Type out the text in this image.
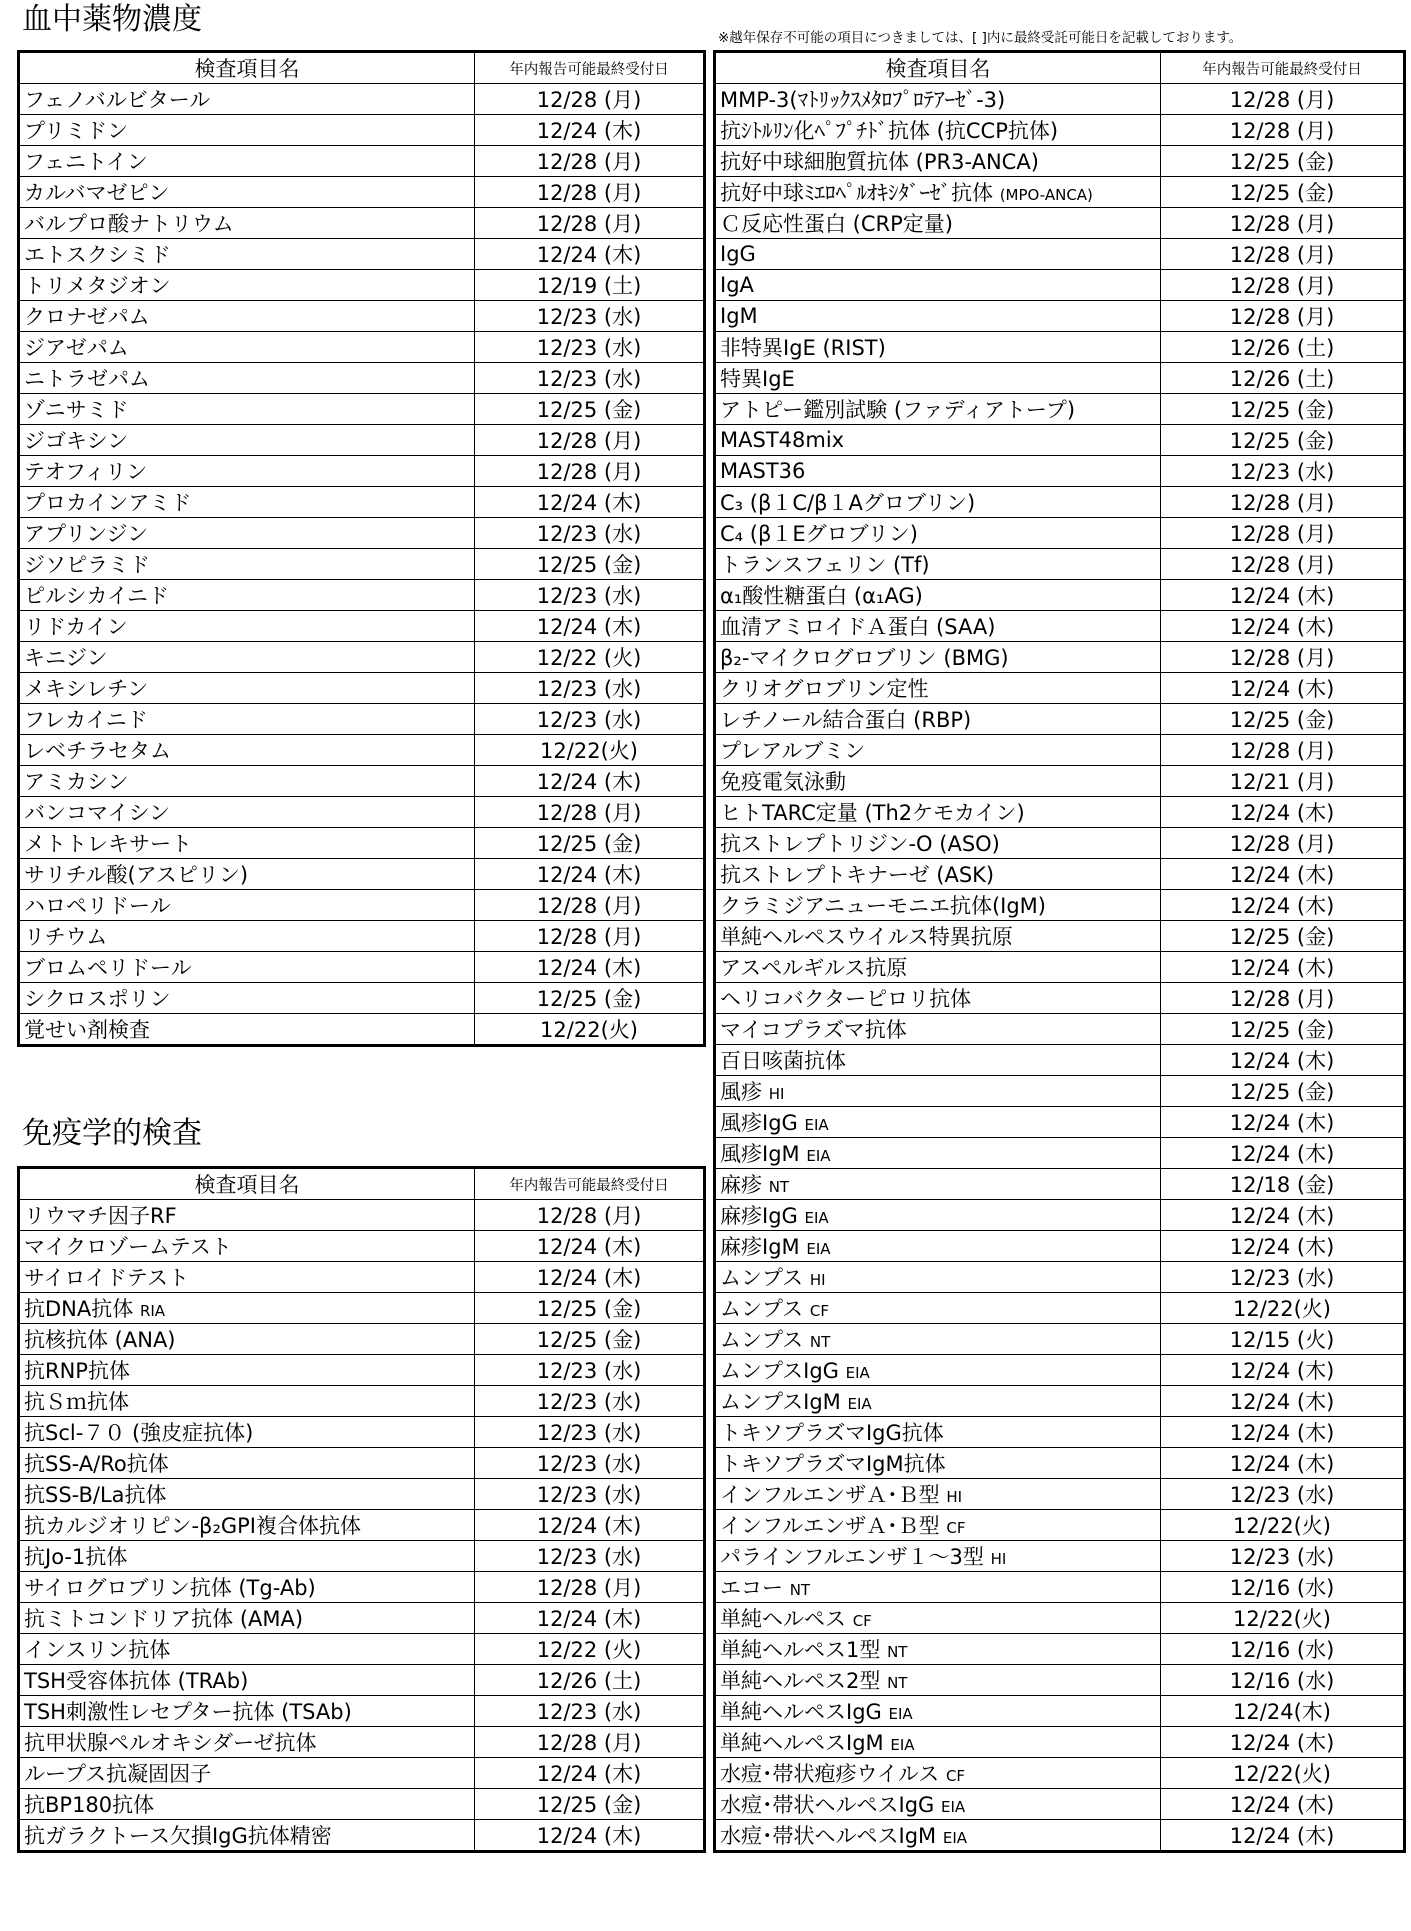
血中薬物濃度
※越年保存不可能の項目につきましては、[ ]内に最終受託可能日を記載しております。
免疫学的検査
検査項目名	年内報告可能最終受付日
フェノバルビタール	12/28 (月)
プリミドン	12/24 (木)
フェニトイン	12/28 (月)
カルバマゼピン	12/28 (月)
バルプロ酸ナトリウム	12/28 (月)
エトスクシミド	12/24 (木)
トリメタジオン	12/19 (土)
クロナゼパム	12/23 (水)
ジアゼパム	12/23 (水)
ニトラゼパム	12/23 (水)
ゾニサミド	12/25 (金)
ジゴキシン	12/28 (月)
テオフィリン	12/28 (月)
プロカインアミド	12/24 (木)
アプリンジン	12/23 (水)
ジソピラミド	12/25 (金)
ピルシカイニド	12/23 (水)
リドカイン	12/24 (木)
キニジン	12/22 (火)
メキシレチン	12/23 (水)
フレカイニド	12/23 (水)
レベチラセタム	12/22(火)
アミカシン	12/24 (木)
バンコマイシン	12/28 (月)
メトトレキサート	12/25 (金)
サリチル酸(アスピリン)	12/24 (木)
ハロペリドール	12/28 (月)
リチウム	12/28 (月)
ブロムペリドール	12/24 (木)
シクロスポリン	12/25 (金)
覚せい剤検査	12/22(火)
検査項目名	年内報告可能最終受付日
リウマチ因子RF	12/28 (月)
マイクロゾームテスト	12/24 (木)
サイロイドテスト	12/24 (木)
抗DNA抗体 RIA	12/25 (金)
抗核抗体 (ANA)	12/25 (金)
抗RNP抗体	12/23 (水)
抗Ｓｍ抗体	12/23 (水)
抗Scl-７０ (強皮症抗体)	12/23 (水)
抗SS-A/Ro抗体	12/23 (水)
抗SS-B/La抗体	12/23 (水)
抗カルジオリピン-β₂GPI複合体抗体	12/24 (木)
抗Jo-1抗体	12/23 (水)
サイログロブリン抗体 (Tg-Ab)	12/28 (月)
抗ミトコンドリア抗体 (AMA)	12/24 (木)
インスリン抗体	12/22 (火)
TSH受容体抗体 (TRAb)	12/26 (土)
TSH刺激性レセプター抗体 (TSAb)	12/23 (水)
抗甲状腺ペルオキシダーゼ抗体	12/28 (月)
ループス抗凝固因子	12/24 (木)
抗BP180抗体	12/25 (金)
抗ガラクトース欠損IgG抗体精密	12/24 (木)
検査項目名	年内報告可能最終受付日
MMP-3(ﾏﾄﾘｯｸｽﾒﾀﾛﾌﾟﾛﾃｱｰｾﾞ-3)	12/28 (月)
抗ｼﾄﾙﾘﾝ化ﾍﾟﾌﾟﾁﾄﾞ抗体 (抗CCP抗体)	12/28 (月)
抗好中球細胞質抗体 (PR3-ANCA)	12/25 (金)
抗好中球ﾐｴﾛﾍﾟﾙｵｷｼﾀﾞｰｾﾞ抗体 (MPO-ANCA)	12/25 (金)
Ｃ反応性蛋白 (CRP定量)	12/28 (月)
IgG	12/28 (月)
IgA	12/28 (月)
IgM	12/28 (月)
非特異IgE (RIST)	12/26 (土)
特異IgE	12/26 (土)
アトピー鑑別試験 (ファディアトープ)	12/25 (金)
MAST48mix	12/25 (金)
MAST36	12/23 (水)
C₃ (β１C/β１Aグロブリン)	12/28 (月)
C₄ (β１Eグロブリン)	12/28 (月)
トランスフェリン (Tf)	12/28 (月)
α₁酸性糖蛋白 (α₁AG)	12/24 (木)
血清アミロイドＡ蛋白 (SAA)	12/24 (木)
β₂-マイクログロブリン (BMG)	12/28 (月)
クリオグロブリン定性	12/24 (木)
レチノール結合蛋白 (RBP)	12/25 (金)
プレアルブミン	12/28 (月)
免疫電気泳動	12/21 (月)
ヒトTARC定量 (Th2ケモカイン)	12/24 (木)
抗ストレプトリジン-O (ASO)	12/28 (月)
抗ストレプトキナーゼ (ASK)	12/24 (木)
クラミジアニューモニエ抗体(IgM)	12/24 (木)
単純ヘルペスウイルス特異抗原	12/25 (金)
アスペルギルス抗原	12/24 (木)
ヘリコバクターピロリ抗体	12/28 (月)
マイコプラズマ抗体	12/25 (金)
百日咳菌抗体	12/24 (木)
風疹 HI	12/25 (金)
風疹IgG EIA	12/24 (木)
風疹IgM EIA	12/24 (木)
麻疹 NT	12/18 (金)
麻疹IgG EIA	12/24 (木)
麻疹IgM EIA	12/24 (木)
ムンプス HI	12/23 (水)
ムンプス CF	12/22(火)
ムンプス NT	12/15 (火)
ムンプスIgG EIA	12/24 (木)
ムンプスIgM EIA	12/24 (木)
トキソプラズマIgG抗体	12/24 (木)
トキソプラズマIgM抗体	12/24 (木)
インフルエンザＡ･Ｂ型 HI	12/23 (水)
インフルエンザＡ･Ｂ型 CF	12/22(火)
パラインフルエンザ１～3型 HI	12/23 (水)
エコー NT	12/16 (水)
単純ヘルペス CF	12/22(火)
単純ヘルペス1型 NT	12/16 (水)
単純ヘルペス2型 NT	12/16 (水)
単純ヘルペスIgG EIA	12/24(木)
単純ヘルペスIgM EIA	12/24 (木)
水痘･帯状疱疹ウイルス CF	12/22(火)
水痘･帯状ヘルペスIgG EIA	12/24 (木)
水痘･帯状ヘルペスIgM EIA	12/24 (木)
